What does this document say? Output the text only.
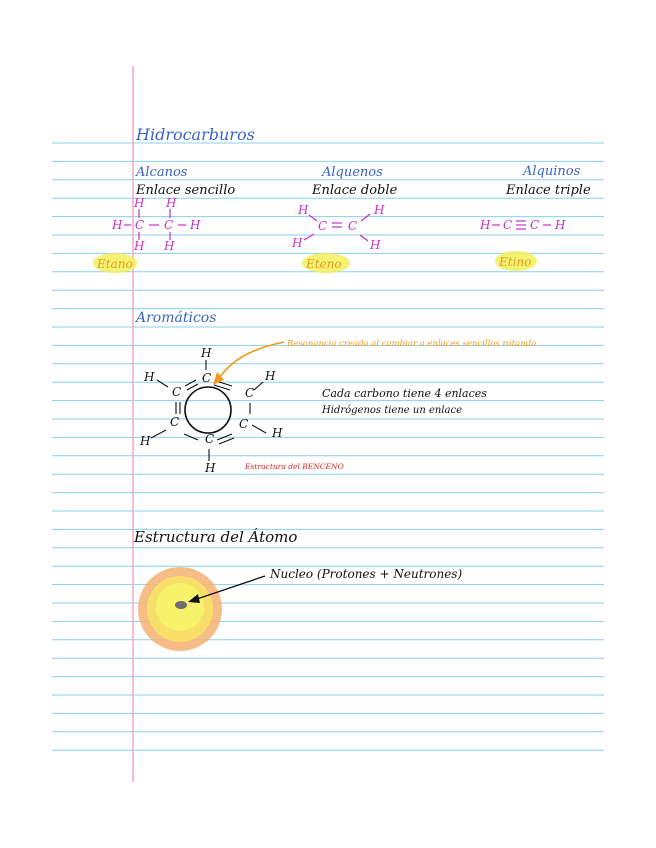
Hidrocarburos
Alcanos
Enlace sencillo
H H
H C C H
H H
Etano
Alquenos
Enlace doble
H
C C
H
H	H
Eteno
Alquinos
Enlace triple
H C C H
Etino
Aromáticos
C
C
C
C
C
C
H
H
H
H
H
H
Resonancia creada al cambiar a enlaces sencillos rotando
Cada carbono tiene 4 enlaces
Hidrógenos tiene un enlace
Estructura del BENCENO
Estructura del Átomo
Nucleo (Protones + Neutrones)
